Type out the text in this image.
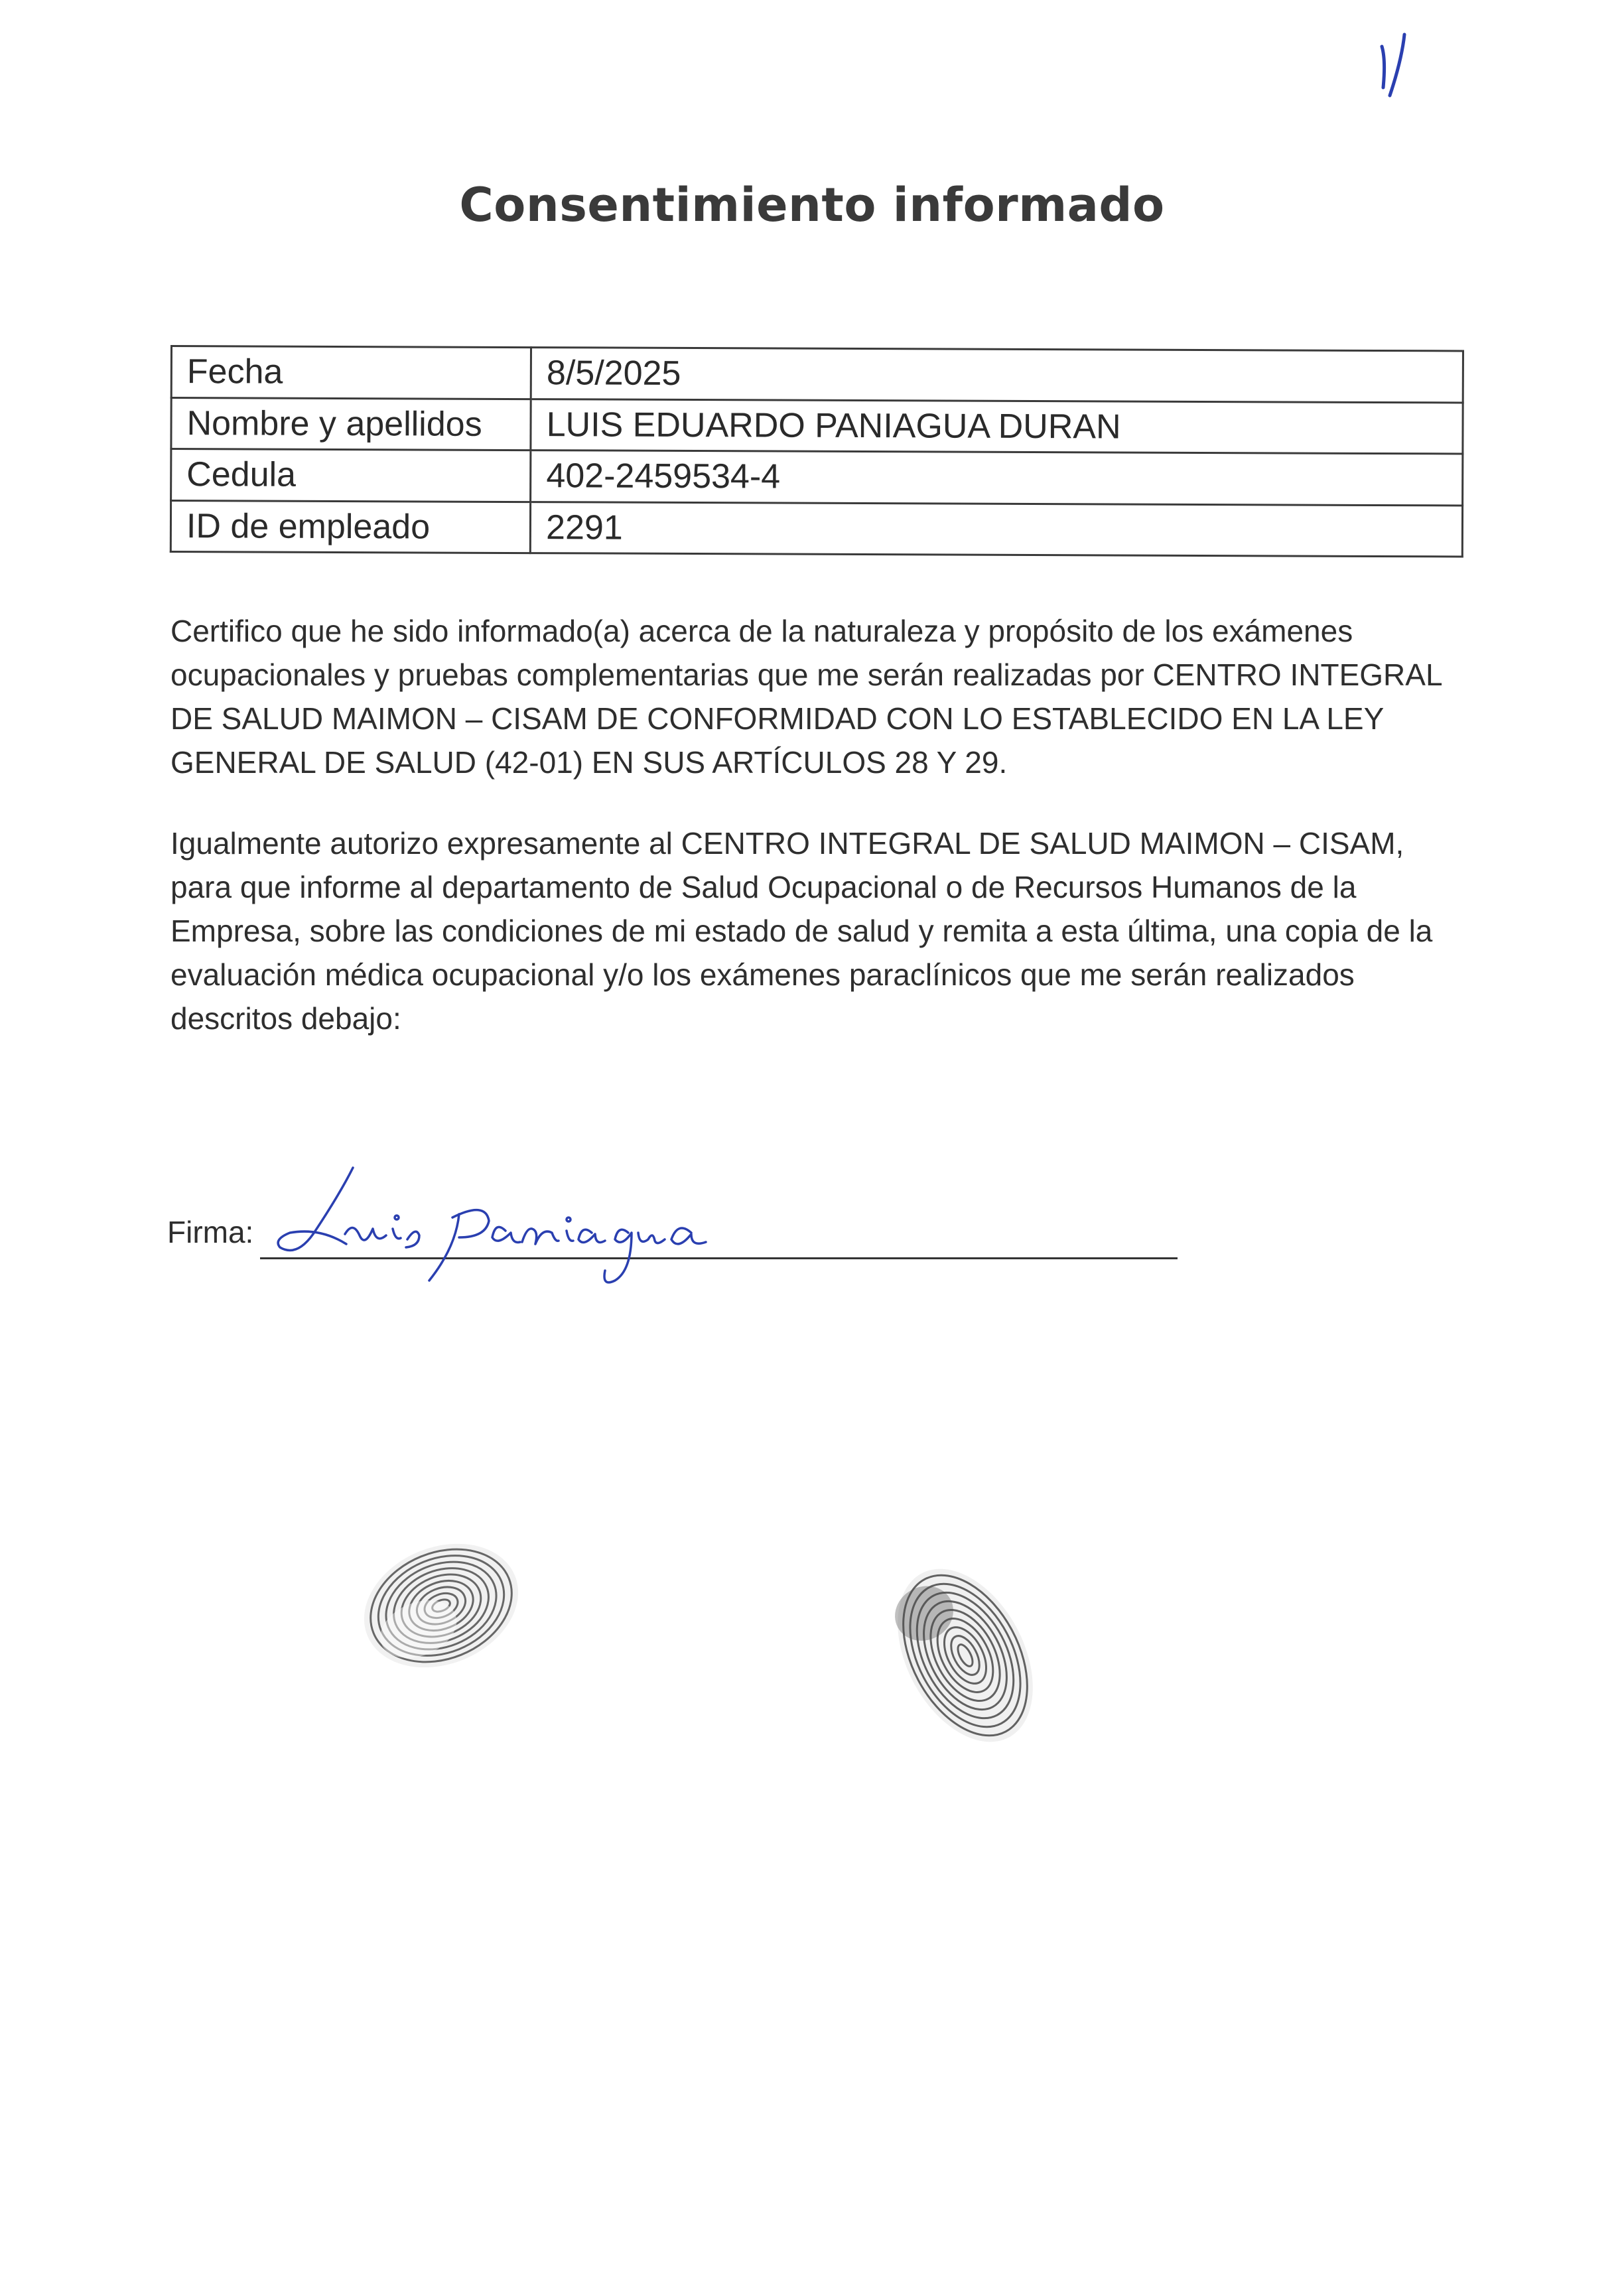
Consentimiento informado
Fecha	8/5/2025
Nombre y apellidos	LUIS EDUARDO PANIAGUA DURAN
Cedula	402-2459534-4
ID de empleado	2291

Certifico que he sido informado(a) acerca de la naturaleza y propósito de los exámenes ocupacionales y pruebas complementarias que me serán realizadas por CENTRO INTEGRAL DE SALUD MAIMON – CISAM DE CONFORMIDAD CON LO ESTABLECIDO EN LA LEY GENERAL DE SALUD (42-01) EN SUS ARTÍCULOS 28 Y 29.

Igualmente autorizo expresamente al CENTRO INTEGRAL DE SALUD MAIMON – CISAM, para que informe al departamento de Salud Ocupacional o de Recursos Humanos de la Empresa, sobre las condiciones de mi estado de salud y remita a esta última, una copia de la evaluación médica ocupacional y/o los exámenes paraclínicos que me serán realizados descritos debajo:

Firma:
